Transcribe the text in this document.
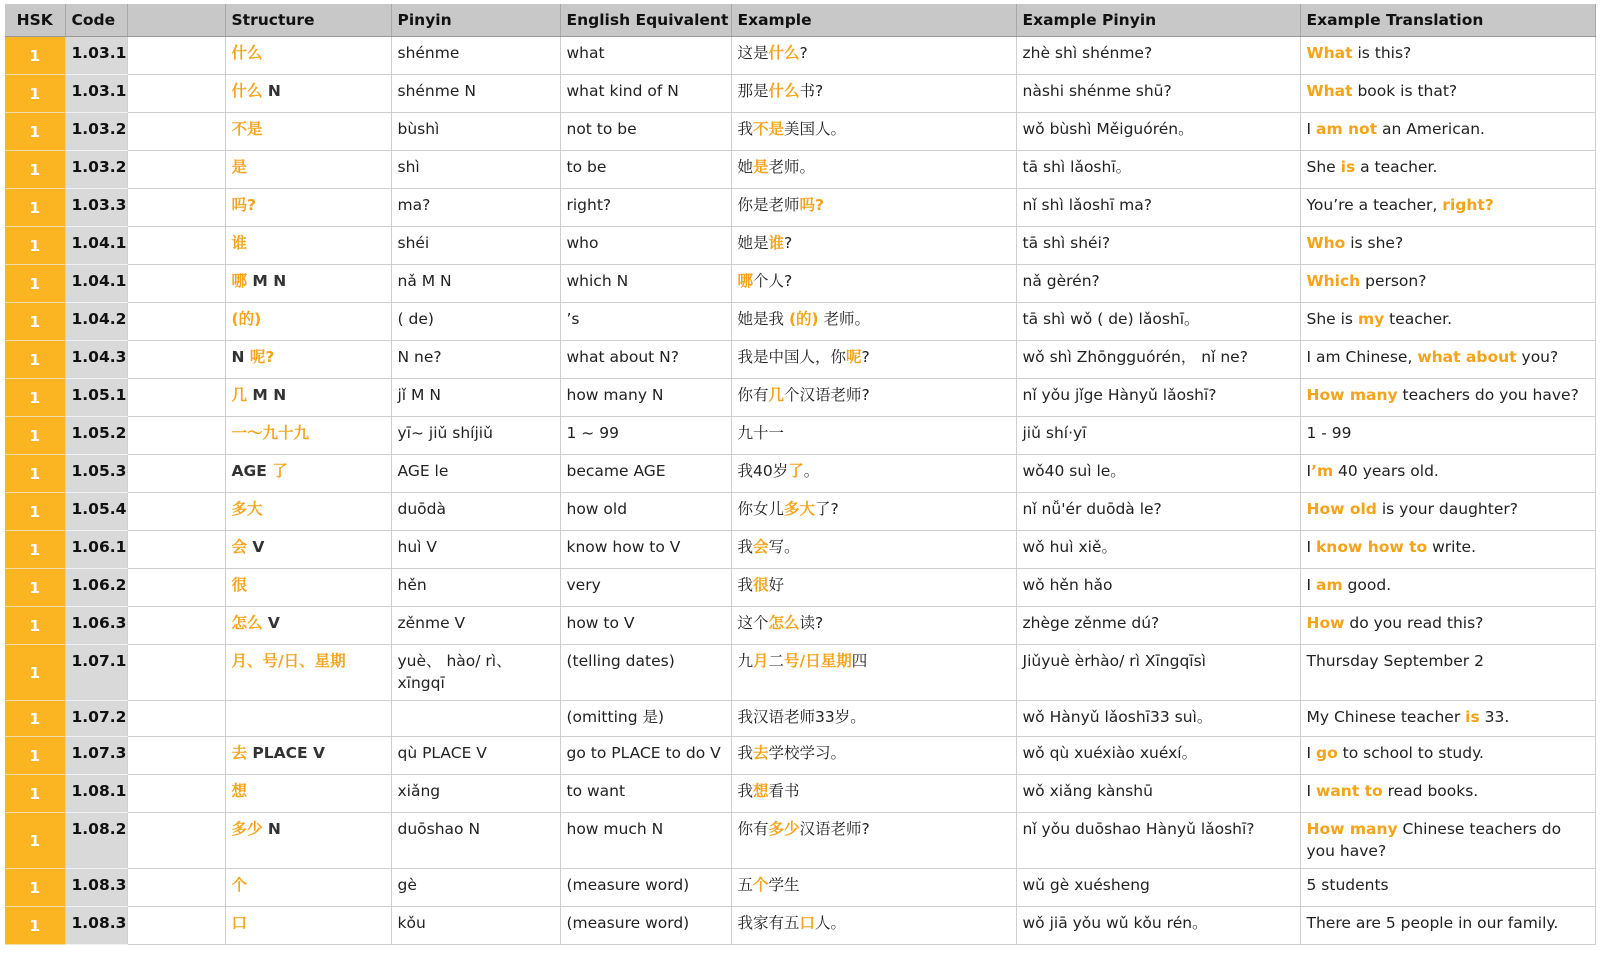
HSK	Code		Structure	Pinyin	English Equivalent	Example	Example Pinyin	Example Translation
1	1.03.1		什么	shénme	what	这是什么?	zhè shì shénme?	What is this?
1	1.03.1		什么 N	shénme N	what kind of N	那是什么书?	nàshi shénme shū?	What book is that?
1	1.03.2		不是	bùshì	not to be	我不是美国人。	wǒ bùshì Měiguórén。	I am not an American.
1	1.03.2		是	shì	to be	她是老师。	tā shì lǎoshī。	She is a teacher.
1	1.03.3		吗?	ma?	right?	你是老师吗?	nǐ shì lǎoshī ma?	You’re a teacher, right?
1	1.04.1		谁	shéi	who	她是谁?	tā shì shéi?	Who is she?
1	1.04.1		哪 M N	nǎ M N	which N	哪个人?	nǎ gèrén?	Which person?
1	1.04.2		(的)	( de)	’s	她是我 (的) 老师。	tā shì wǒ ( de) lǎoshī。	She is my teacher.
1	1.04.3		N 呢?	N ne?	what about N?	我是中国人，你呢?	wǒ shì Zhōngguórén， nǐ ne?	I am Chinese, what about you?
1	1.05.1		几 M N	jǐ M N	how many N	你有几个汉语老师?	nǐ yǒu jǐge Hànyǔ lǎoshī?	How many teachers do you have?
1	1.05.2		一～九十九	yī~ jiǔ shíjiǔ	1 ~ 99	九十一	jiǔ shí·yī	1 - 99
1	1.05.3		AGE 了	AGE le	became AGE	我40岁了。	wǒ40 suì le。	I’m 40 years old.
1	1.05.4		多大	duōdà	how old	你女儿多大了?	nǐ nǚ'ér duōdà le?	How old is your daughter?
1	1.06.1		会 V	huì V	know how to V	我会写。	wǒ huì xiě。	I know how to write.
1	1.06.2		很	hěn	very	我很好	wǒ hěn hǎo	I am good.
1	1.06.3		怎么 V	zěnme V	how to V	这个怎么读?	zhège zěnme dú?	How do you read this?
1	1.07.1		月、号/日、星期	yuè、 hào/ rì、 xīngqī	(telling dates)	九月二号/日星期四	Jiǔyuè èrhào/ rì Xīngqīsì	Thursday September 2
1	1.07.2				(omitting 是)	我汉语老师33岁。	wǒ Hànyǔ lǎoshī33 suì。	My Chinese teacher is 33.
1	1.07.3		去 PLACE V	qù PLACE V	go to PLACE to do V	我去学校学习。	wǒ qù xuéxiào xuéxí。	I go to school to study.
1	1.08.1		想	xiǎng	to want	我想看书	wǒ xiǎng kànshū	I want to read books.
1	1.08.2		多少 N	duōshao N	how much N	你有多少汉语老师?	nǐ yǒu duōshao Hànyǔ lǎoshī?	How many Chinese teachers do you have?
1	1.08.3		个	gè	(measure word)	五个学生	wǔ gè xuésheng	5 students
1	1.08.3		口	kǒu	(measure word)	我家有五口人。	wǒ jiā yǒu wǔ kǒu rén。	There are 5 people in our family.
